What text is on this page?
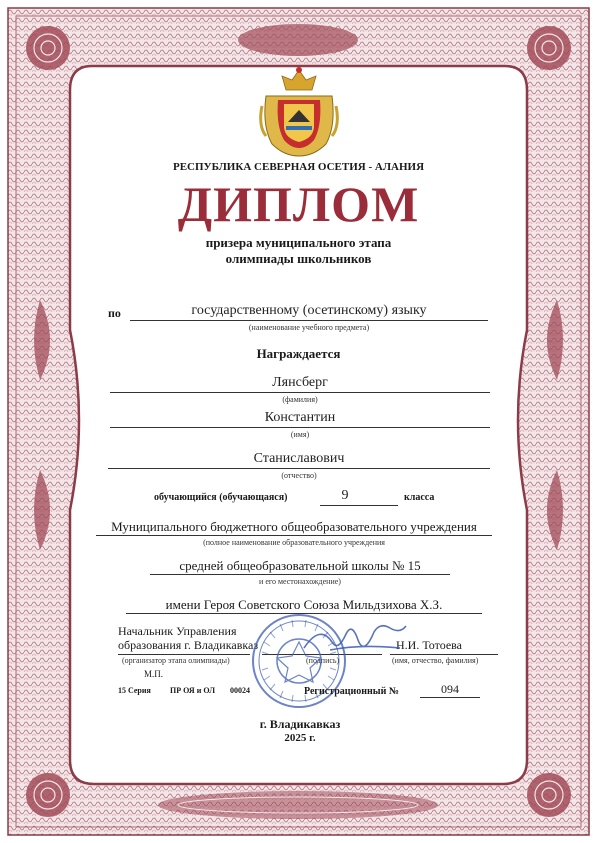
РЕСПУБЛИКА СЕВЕРНАЯ ОСЕТИЯ - АЛАНИЯ
ДИПЛОМ
призера муниципального этапа
олимпиады школьников
по	государственному (осетинскому) языку
(наименование учебного предмета)
Награждается
Лянсберг
(фамилия)
Константин
(имя)
Станиславович
(отчество)
обучающийся (обучающаяся)	9	класса
Муниципального бюджетного общеобразовательного учреждения
(полное наименование образовательного учреждения
средней общеобразовательной школы № 15
и его местонахождение)
имени Героя Советского Союза Мильдзихова Х.З.
Начальник Управления
образования г. Владикавказ
(организатор этапа олимпиады)	(подпись)
Н.И. Тотоева
(имя, отчество, фамилия)
М.П.
15 Серия ПР ОЯ и ОЛ 00024	Регистрационный №	094
г. Владикавказ
2025 г.
